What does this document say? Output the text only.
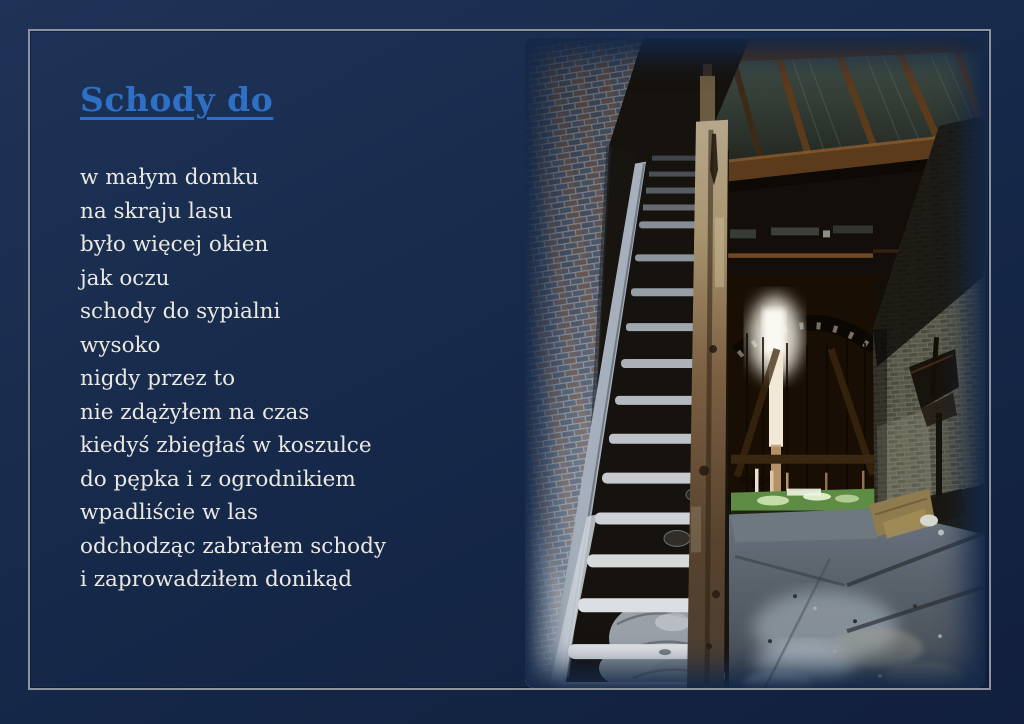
Schody do
w małym domku
na skraju lasu
było więcej okien
jak oczu
schody do sypialni
wysoko
nigdy przez to
nie zdążyłem na czas
kiedyś zbiegłaś w koszulce
do pępka i z ogrodnikiem
wpadliście w las
odchodząc zabrałem schody
i zaprowadziłem donikąd
